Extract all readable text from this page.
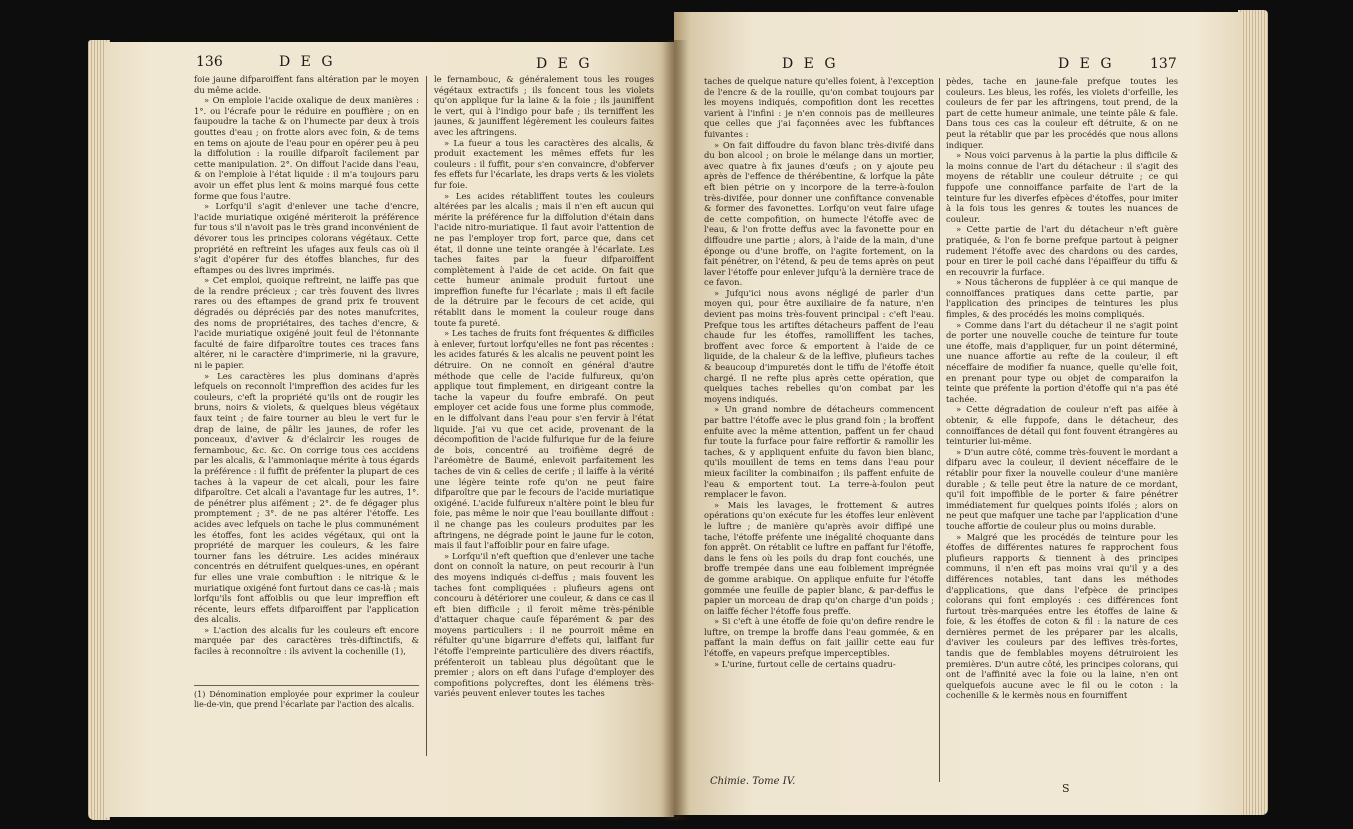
136	D E G	D E G

foie jaune difparoiffent fans altération par le moyen du même acide.

» On emploie l'acide oxalique de deux manières : 1°. ou l'écrafe pour le réduire en pouffière ; on en faupoudre la tache & on l'humecte par deux à trois gouttes d'eau ; on frotte alors avec foin, & de tems en tems on ajoute de l'eau pour en opérer peu à peu la diffolution : la rouille difparoît facilement par cette manipulation. 2°. On diffout l'acide dans l'eau, & on l'emploie à l'état liquide : il m'a toujours paru avoir un effet plus lent & moins marqué fous cette forme que fous l'autre.

» Lorfqu'il s'agit d'enlever une tache d'encre, l'acide muriatique oxigéné mériteroit la préférence fur tous s'il n'avoit pas le très grand inconvénient de dévorer tous les principes colorans végétaux. Cette propriété en reftreint les ufages aux feuls cas où il s'agit d'opérer fur des étoffes blanches, fur des eftampes ou des livres imprimés.

» Cet emploi, quoique reftreint, ne laiffe pas que de la rendre précieux ; car très fouvent des livres rares ou des eftampes de grand prix fe trouvent dégradés ou dépréciés par des notes manufcrites, des noms de propriétaires, des taches d'encre, & l'acide muriatique oxigéné jouit feul de l'étonnante faculté de faire difparoître toutes ces traces fans altérer, ni le caractère d'imprimerie, ni la gravure, ni le papier.

» Les caractères les plus dominans d'après lefquels on reconnoît l'impreffion des acides fur les couleurs, c'eft la propriété qu'ils ont de rougir les bruns, noirs & violets, & quelques bleus végétaux faux teint ; de faire tourner au bleu le vert fur le drap de laine, de pâlir les jaunes, de rofer les ponceaux, d'aviver & d'éclaircir les rouges de fernambouc, &c. &c. On corrige tous ces accidens par les alcalis, & l'ammoniaque mérite à tous égards la préférence : il fuffit de préfenter la plupart de ces taches à la vapeur de cet alcali, pour les faire difparoître. Cet alcali a l'avantage fur les autres, 1°. de pénétrer plus aifément ; 2°. de fe dégager plus promptement ; 3°. de ne pas altérer l'étoffe. Les acides avec lefquels on tache le plus communément les étoffes, font les acides végétaux, qui ont la propriété de marquer les couleurs, & les faire tourner fans les détruire. Les acides minéraux concentrés en détruifent quelques-unes, en opérant fur elles une vraie combuftion : le nitrique & le muriatique oxigéné font furtout dans ce cas-là ; mais lorfqu'ils font affoiblis ou que leur impreffion eft récente, leurs effets difparoiffent par l'application des alcalis.

» L'action des alcalis fur les couleurs eft encore marquée par des caractères très-diftinctifs, & faciles à reconnoître : ils avivent la cochenille (1),

(1) Dénomination employée pour exprimer la couleur lie-de-vin, que prend l'écarlate par l'action des alcalis.

le fernambouc, & généralement tous les rouges végétaux extractifs ; ils foncent tous les violets qu'on applique fur la laine & la foie ; ils jauniffent le vert, qui à l'indigo pour bafe ; ils terniffent les jaunes, & jauniffent légèrement les couleurs faites avec les aftringens.

» La fueur a tous les caractères des alcalis, & produit exactement les mêmes effets fur les couleurs : il fuffit, pour s'en convaincre, d'obferver fes effets fur l'écarlate, les draps verts & les violets fur foie.

» Les acides rétabliffent toutes les couleurs altérées par les alcalis ; mais il n'en eft aucun qui mérite la préférence fur la diffolution d'étain dans l'acide nitro-muriatique. Il faut avoir l'attention de ne pas l'employer trop fort, parce que, dans cet état, il donne une teinte orangée à l'écarlate. Les taches faites par la fueur difparoiffent complètement à l'aide de cet acide. On fait que cette humeur animale produit furtout une impreffion funefte fur l'écarlate ; mais il eft facile de la détruire par le fecours de cet acide, qui rétablit dans le moment la couleur rouge dans toute fa pureté.

» Les taches de fruits font fréquentes & difficiles à enlever, furtout lorfqu'elles ne font pas récentes : les acides faturés & les alcalis ne peuvent point les détruire. On ne connoît en général d'autre méthode que celle de l'acide fulfureux, qu'on applique tout fimplement, en dirigeant contre la tache la vapeur du foufre embrafé. On peut employer cet acide fous une forme plus commode, en le diffolvant dans l'eau pour s'en fervir à l'état liquide. J'ai vu que cet acide, provenant de la décompofition de l'acide fulfurique fur de la feiure de bois, concentré au troifième degré de l'aréomètre de Baumé, enlevoit parfaitement les taches de vin & celles de cerife ; il laiffe à la vérité une légère teinte rofe qu'on ne peut faire difparoître que par le fecours de l'acide muriatique oxigéné. L'acide fulfureux n'altère point le bleu fur foie, pas même le noir que l'eau bouillante diffout : il ne change pas les couleurs produites par les aftringens, ne dégrade point le jaune fur le coton, mais il faut l'affoiblir pour en faire ufage.

» Lorfqu'il n'eft queftion que d'enlever une tache dont on connoît la nature, on peut recourir à l'un des moyens indiqués ci-deffus ; mais fouvent les taches font compliquées : plufieurs agens ont concouru à détériorer une couleur, & dans ce cas il eft bien difficile ; il feroit même très-pénible d'attaquer chaque cauſe féparément & par des moyens particuliers : il ne pourroit même en réfulter qu'une bigarrure d'effets qui, laiffant fur l'étoffe l'empreinte particulière des divers réactifs, préfenteroit un tableau plus dégoûtant que le premier ; alors on eft dans l'ufage d'employer des compofitions polycreftes, dont les élémens très-variés peuvent enlever toutes les taches

D E G	D E G	137

taches de quelque nature qu'elles foient, à l'exception de l'encre & de la rouille, qu'on combat toujours par les moyens indiqués, compofition dont les recettes varient à l'infini : je n'en connois pas de meilleures que celles que j'ai façonnées avec les fubftances fuivantes :

» On fait diffoudre du favon blanc très-divifé dans du bon alcool ; on broie le mélange dans un mortier, avec quatre à fix jaunes d'œufs ; on y ajoute peu après de l'effence de thérébentine, & lorfque la pâte eft bien pétrie on y incorpore de la terre-à-foulon très-divifée, pour donner une confiftance convenable & former des favonettes. Lorfqu'on veut faire ufage de cette compofition, on humecte l'étoffe avec de l'eau, & l'on frotte deffus avec la favonette pour en diffoudre une partie ; alors, à l'aide de la main, d'une éponge ou d'une broffe, on l'agite fortement, on la fait pénétrer, on l'étend, & peu de tems après on peut laver l'étoffe pour enlever jufqu'à la dernière trace de ce favon.

» Jufqu'ici nous avons négligé de parler d'un moyen qui, pour être auxiliaire de fa nature, n'en devient pas moins très-fouvent principal : c'eft l'eau. Prefque tous les artiftes détacheurs paffent de l'eau chaude fur les étoffes, ramolliffent les taches, broffent avec force & emportent à l'aide de ce liquide, de la chaleur & de la leffive, plufieurs taches & beaucoup d'impuretés dont le tiffu de l'étoffe étoit chargé. Il ne refte plus après cette opération, que quelques taches rebelles qu'on combat par les moyens indiqués.

» Un grand nombre de détacheurs commencent par battre l'étoffe avec le plus grand foin ; la broffent enfuite avec la même attention, paffent un fer chaud fur toute la furface pour faire reffortir & ramollir les taches, & y appliquent enfuite du favon bien blanc, qu'ils mouillent de tems en tems dans l'eau pour mieux faciliter la combinaifon ; ils paffent enfuite de l'eau & emportent tout. La terre-à-foulon peut remplacer le favon.

» Mais les lavages, le frottement & autres opérations qu'on exécute fur les étoffes leur enlèvent le luftre ; de manière qu'après avoir diffipé une tache, l'étoffe préfente une inégalité choquante dans fon apprêt. On rétablit ce luftre en paffant fur l'étoffe, dans le fens où les poils du drap font couchés, une broffe trempée dans une eau foiblement imprégnée de gomme arabique. On applique enfuite fur l'étoffe gommée une feuille de papier blanc, & par-deffus le papier un morceau de drap qu'on charge d'un poids ; on laiffe fécher l'étoffe fous preffe.

» Si c'eft à une étoffe de foie qu'on defire rendre le luftre, on trempe la broffe dans l'eau gommée, & en paffant la main deffus on fait jaillir cette eau fur l'étoffe, en vapeurs prefque imperceptibles.

» L'urine, furtout celle de certains quadru-

Chimie. Tome IV.

pèdes, tache en jaune-fale prefque toutes les couleurs. Les bleus, les rofés, les violets d'orfeille, les couleurs de fer par les aftringens, tout prend, de la part de cette humeur animale, une teinte pâle & fale. Dans tous ces cas la couleur eft détruite, & on ne peut la rétablir que par les procédés que nous allons indiquer.

» Nous voici parvenus à la partie la plus difficile & la moins connue de l'art du détacheur : il s'agit des moyens de rétablir une couleur détruite ; ce qui fuppofe une connoiffance parfaite de l'art de la teinture fur les diverfes efpèces d'étoffes, pour imiter à la fois tous les genres & toutes les nuances de couleur.

» Cette partie de l'art du détacheur n'eft guère pratiquée, & l'on fe borne prefque partout à peigner rudement l'étoffe avec des chardons ou des cardes, pour en tirer le poil caché dans l'épaiffeur du tiffu & en recouvrir la furface.

» Nous tâcherons de fuppléer à ce qui manque de connoiffances pratiques dans cette partie, par l'application des principes de teintures les plus fimples, & des procédés les moins compliqués.

» Comme dans l'art du détacheur il ne s'agit point de porter une nouvelle couche de teinture fur toute une étoffe, mais d'appliquer, fur un point déterminé, une nuance affortie au refte de la couleur, il eft néceffaire de modifier fa nuance, quelle qu'elle foit, en prenant pour type ou objet de comparaifon la teinte que préfente la portion d'étoffe qui n'a pas été tachée.

» Cette dégradation de couleur n'eft pas aifée à obtenir, & elle fuppofe, dans le détacheur, des connoiffances de détail qui font fouvent étrangères au teinturier lui-même.

» D'un autre côté, comme très-fouvent le mordant a difparu avec la couleur, il devient néceffaire de le rétablir pour fixer la nouvelle couleur d'une manière durable ; & telle peut être la nature de ce mordant, qu'il foit impoffible de le porter & faire pénétrer immédiatement fur quelques points ifolés ; alors on ne peut que mafquer une tache par l'application d'une touche affortie de couleur plus ou moins durable.

» Malgré que les procédés de teinture pour les étoffes de différentes natures fe rapprochent fous plufieurs rapports & tiennent à des principes communs, il n'en eft pas moins vrai qu'il y a des différences notables, tant dans les méthodes d'applications, que dans l'efpèce de principes colorans qui font employés : ces différences font furtout très-marquées entre les étoffes de laine & foie, & les étoffes de coton & fil : la nature de ces dernières permet de les préparer par les alcalis, d'aviver les couleurs par des leffives très-fortes, tandis que de femblables moyens détruiroient les premières. D'un autre côté, les principes colorans, qui ont de l'affinité avec la foie ou la laine, n'en ont quelquefois aucune avec le fil ou le coton : la cochenille & le kermès nous en fourniffent

S
